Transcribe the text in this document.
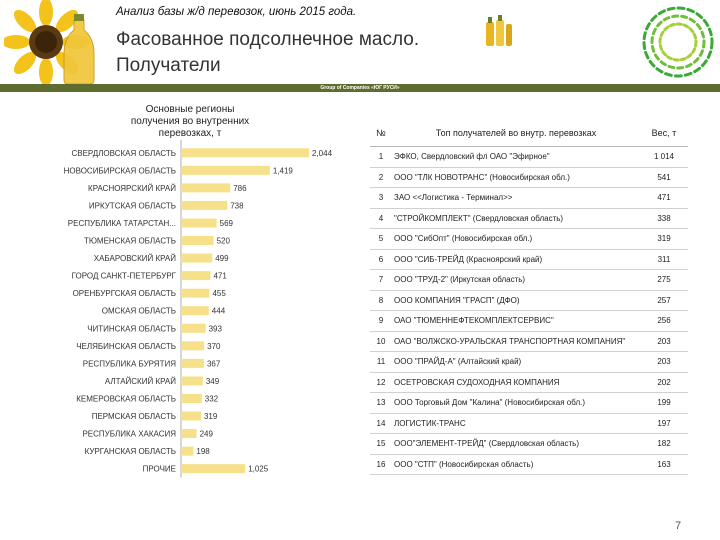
Анализ базы ж/д перевозок, июнь 2015 года.
Фасованное подсолнечное масло.
Получатели
Group of Companies «ЮГ РУСИ»
Основные регионы получения во внутренних перевозках, т
СВЕРДЛОВСКАЯ ОБЛАСТЬ	2,044
НОВОСИБИРСКАЯ ОБЛАСТЬ	1,419
КРАСНОЯРСКИЙ КРАЙ	786
ИРКУТСКАЯ ОБЛАСТЬ	738
РЕСПУБЛИКА ТАТАРСТАН...	569
ТЮМЕНСКАЯ ОБЛАСТЬ	520
ХАБАРОВСКИЙ КРАЙ	499
ГОРОД САНКТ-ПЕТЕРБУРГ	471
ОРЕНБУРГСКАЯ ОБЛАСТЬ	455
ОМСКАЯ ОБЛАСТЬ	444
ЧИТИНСКАЯ ОБЛАСТЬ	393
ЧЕЛЯБИНСКАЯ ОБЛАСТЬ	370
РЕСПУБЛИКА БУРЯТИЯ	367
АЛТАЙСКИЙ КРАЙ	349
КЕМЕРОВСКАЯ ОБЛАСТЬ	332
ПЕРМСКАЯ ОБЛАСТЬ	319
РЕСПУБЛИКА ХАКАСИЯ	249
КУРГАНСКАЯ ОБЛАСТЬ	198
ПРОЧИЕ	1,025
№	Топ получателей во внутр. перевозках	Вес, т
1	ЭФКО, Свердловский фл ОАО "Эфирное"	1 014
2	ООО "ТЛК НОВОТРАНС" (Новосибирская обл.)	541
3	ЗАО <<Логистика - Терминал>>	471
4	"СТРОЙКОМПЛЕКТ" (Свердловская область)	338
5	ООО "СибОпт" (Новосибирская обл.)	319
6	ООО "СИБ-ТРЕЙД (Красноярский край)	311
7	ООО "ТРУД-2" (Иркутская область)	275
8	ООО КОМПАНИЯ "ГРАСП" (ДФО)	257
9	ОАО "ТЮМЕННЕФТЕКОМПЛЕКТСЕРВИС"	256
10	ОАО "ВОЛЖСКО-УРАЛЬСКАЯ ТРАНСПОРТНАЯ КОМПАНИЯ"	203
11	ООО "ПРАЙД-А" (Алтайский край)	203
12	ОСЕТРОВСКАЯ СУДОХОДНАЯ КОМПАНИЯ	202
13	ООО Торговый Дом "Калина" (Новосибирская обл.)	199
14	ЛОГИСТИК-ТРАНС	197
15	ООО"ЭЛЕМЕНТ-ТРЕЙД" (Свердловская область)	182
16	ООО "СТП" (Новосибирская область)	163
7
